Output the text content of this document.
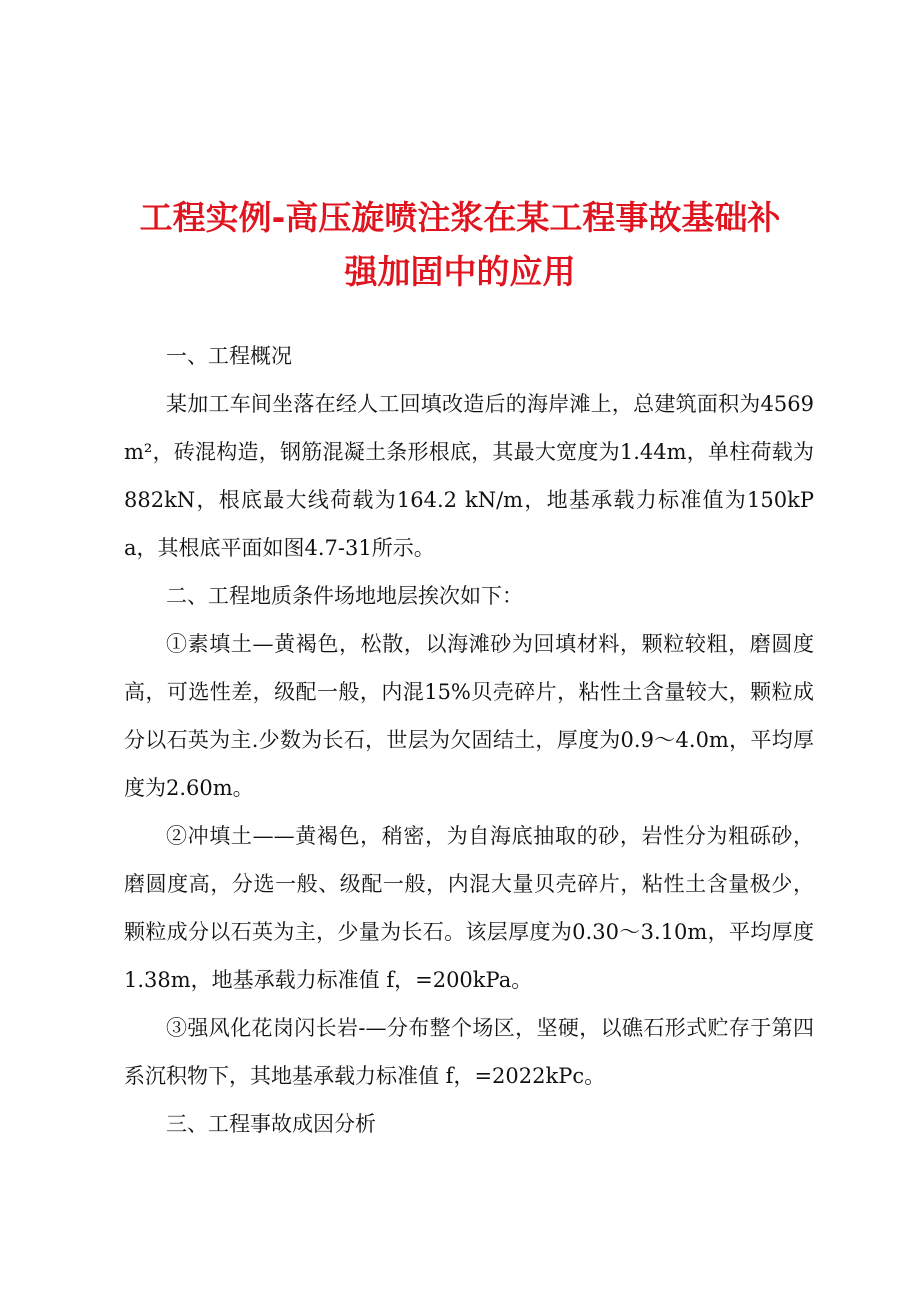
工程实例-高压旋喷注浆在某工程事故基础补
强加固中的应用

一、工程概况

某加工车间坐落在经人工回填改造后的海岸滩上，总建筑面积为4569m²，砖混构造，钢筋混凝土条形根底，其最大宽度为1.44m，单柱荷载为882kN，根底最大线荷载为164.2 kN/m，地基承载力标准值为150kPa，其根底平面如图4.7-31所示。

二、工程地质条件场地地层挨次如下：

①素填土—黄褐色，松散，以海滩砂为回填材料，颗粒较粗，磨圆度高，可选性差，级配一般，内混15%贝壳碎片，粘性土含量较大，颗粒成分以石英为主.少数为长石，世层为欠固结土，厚度为0.9～4.0m，平均厚度为2.60m。

②冲填土——黄褐色，稍密，为自海底抽取的砂，岩性分为粗砾砂，磨圆度高，分选一般、级配一般，内混大量贝壳碎片，粘性土含量极少，颗粒成分以石英为主，少量为长石。该层厚度为0.30～3.10m，平均厚度1.38m，地基承载力标准值 f，=200kPa。

③强风化花岗闪长岩-—分布整个场区，坚硬，以礁石形式贮存于第四系沉积物下，其地基承载力标准值 f，=2022kPc。

三、工程事故成因分析
